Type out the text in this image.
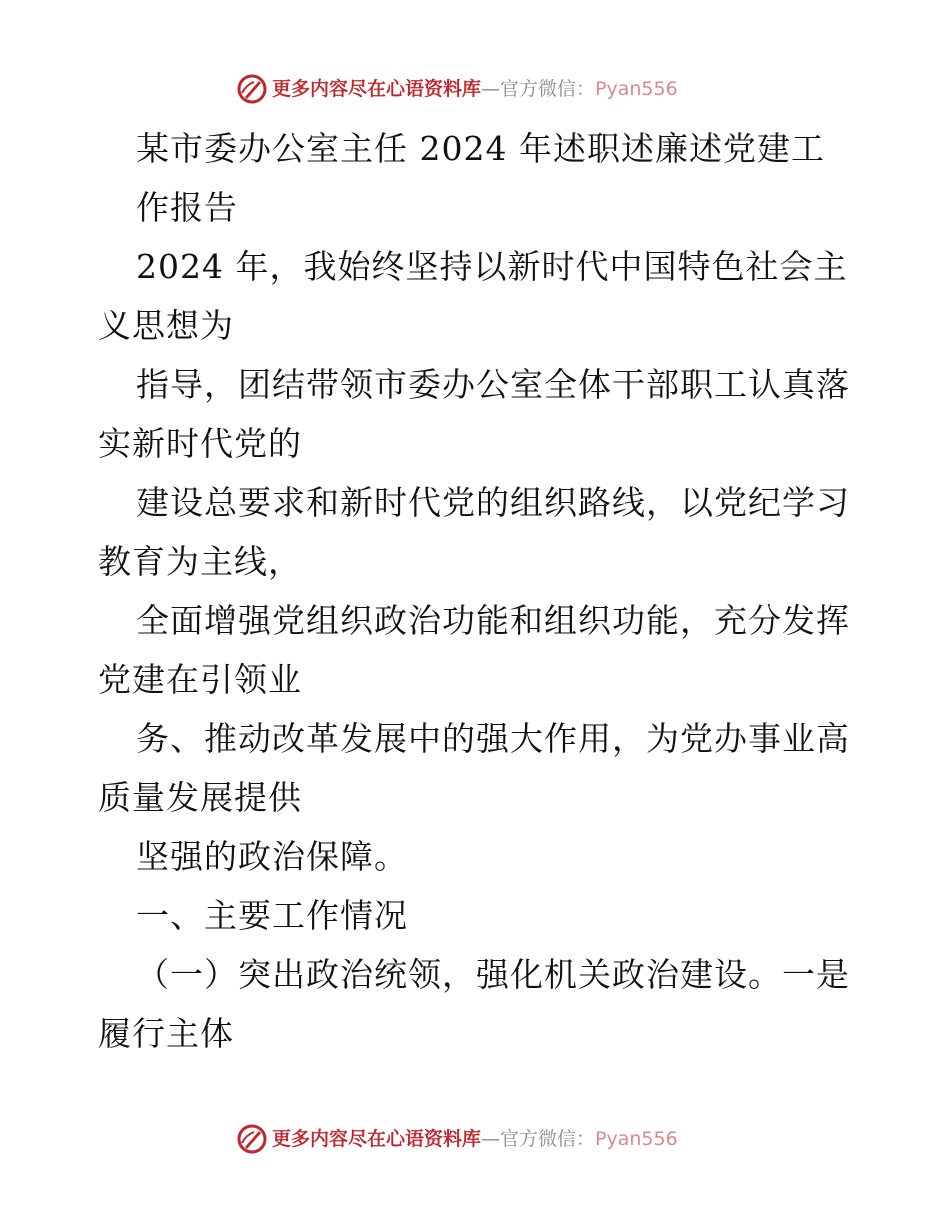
更多内容尽在心语资料库—官方微信：Pyan556

某市委办公室主任 2024 年述职述廉述党建工

作报告

2024 年，我始终坚持以新时代中国特色社会主

义思想为

指导，团结带领市委办公室全体干部职工认真落

实新时代党的

建设总要求和新时代党的组织路线，以党纪学习

教育为主线，

全面增强党组织政治功能和组织功能，充分发挥

党建在引领业

务、推动改革发展中的强大作用，为党办事业高

质量发展提供

坚强的政治保障。

一、主要工作情况

（一）突出政治统领，强化机关政治建设。一是

履行主体

更多内容尽在心语资料库—官方微信：Pyan556
